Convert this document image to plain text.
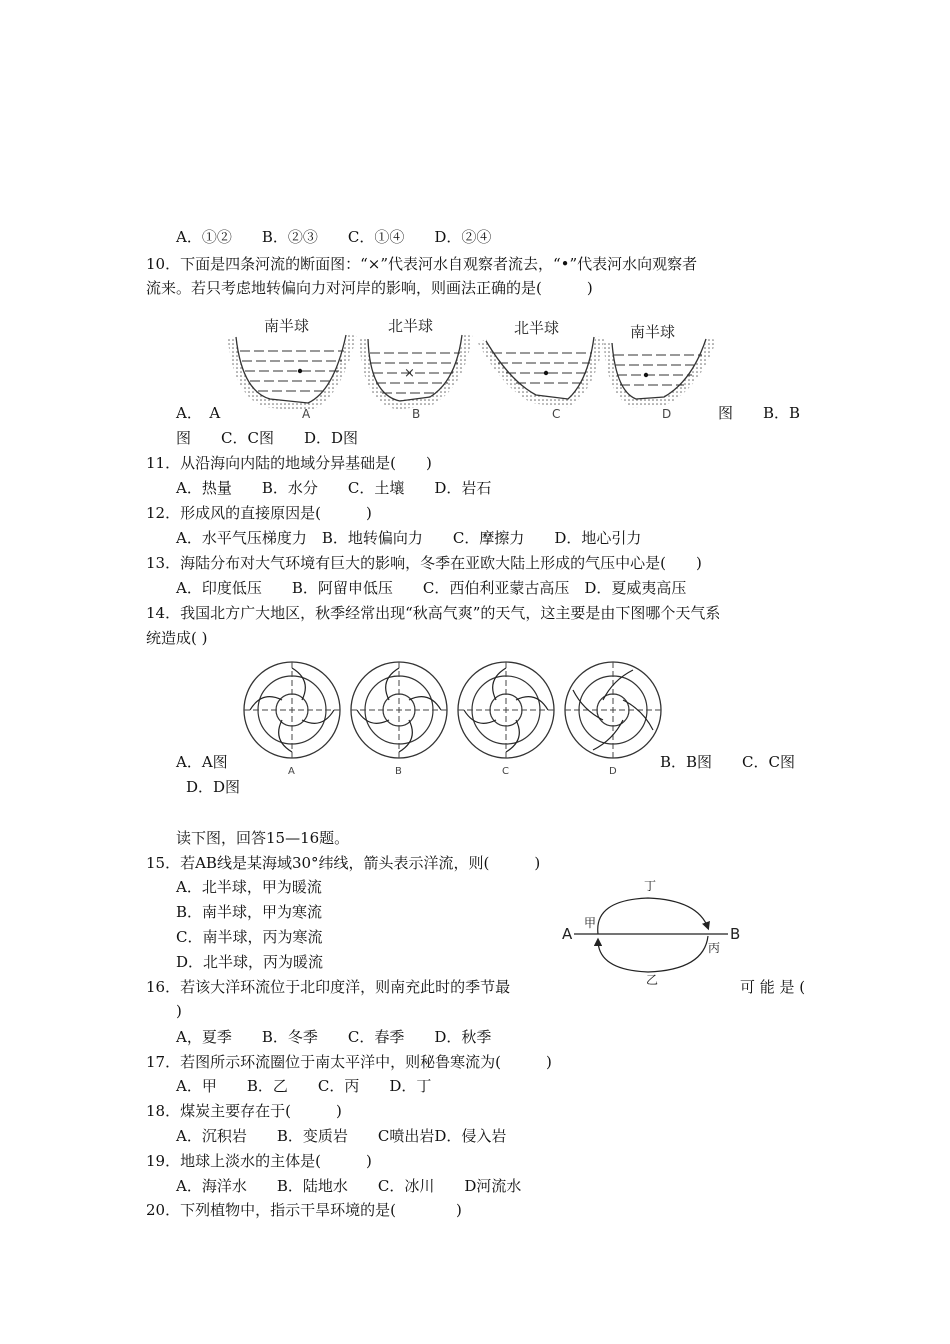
A．①②　　B．②③　　C．①④　　D．②④
10．下面是四条河流的断面图：“×”代表河水自观察者流去，“•”代表河水向观察者
流来。若只考虑地转偏向力对河岸的影响，则画法正确的是(　　　)
南半球
A
×
北半球
B
北半球
C
南半球
D
A．　A	图　　B．B
图　　C．C图　　D．D图
11．从沿海向内陆的地域分异基础是(　　)
A．热量　　B．水分　　C．土壤　　D．岩石
12．形成风的直接原因是(　　　)
A．水平气压梯度力　B．地转偏向力　　C．摩擦力　　D．地心引力
13．海陆分布对大气环境有巨大的影响，冬季在亚欧大陆上形成的气压中心是(　　)
A．印度低压　　B．阿留申低压　　C．西伯利亚蒙古高压　D．夏威夷高压
14．我国北方广大地区，秋季经常出现“秋高气爽”的天气，这主要是由下图哪个天气系
统造成( )
A	B	C	D
A．A图	B．B图　　C．C图
D．D图
读下图，回答15—16题。
15．若AB线是某海域30°纬线，箭头表示洋流，则(　　　)
A．北半球，甲为暖流
B．南半球，甲为寒流
C．南半球，丙为寒流
D．北半球，丙为暖流
A	B
甲
丙
丁
乙
16．若该大洋环流位于北印度洋，则南充此时的季节最	可 能 是 (
)
A，夏季　　B．冬季　　C．春季　　D．秋季
17．若图所示环流圈位于南太平洋中，则秘鲁寒流为(　　　)
A．甲　　B．乙　　C．丙　　D．丁
18．煤炭主要存在于(　　　)
A．沉积岩　　B．变质岩　　C喷出岩D．侵入岩
19．地球上淡水的主体是(　　　)
A．海洋水　　B．陆地水　　C．冰川　　D河流水
20．下列植物中，指示干旱环境的是(　　　　)
